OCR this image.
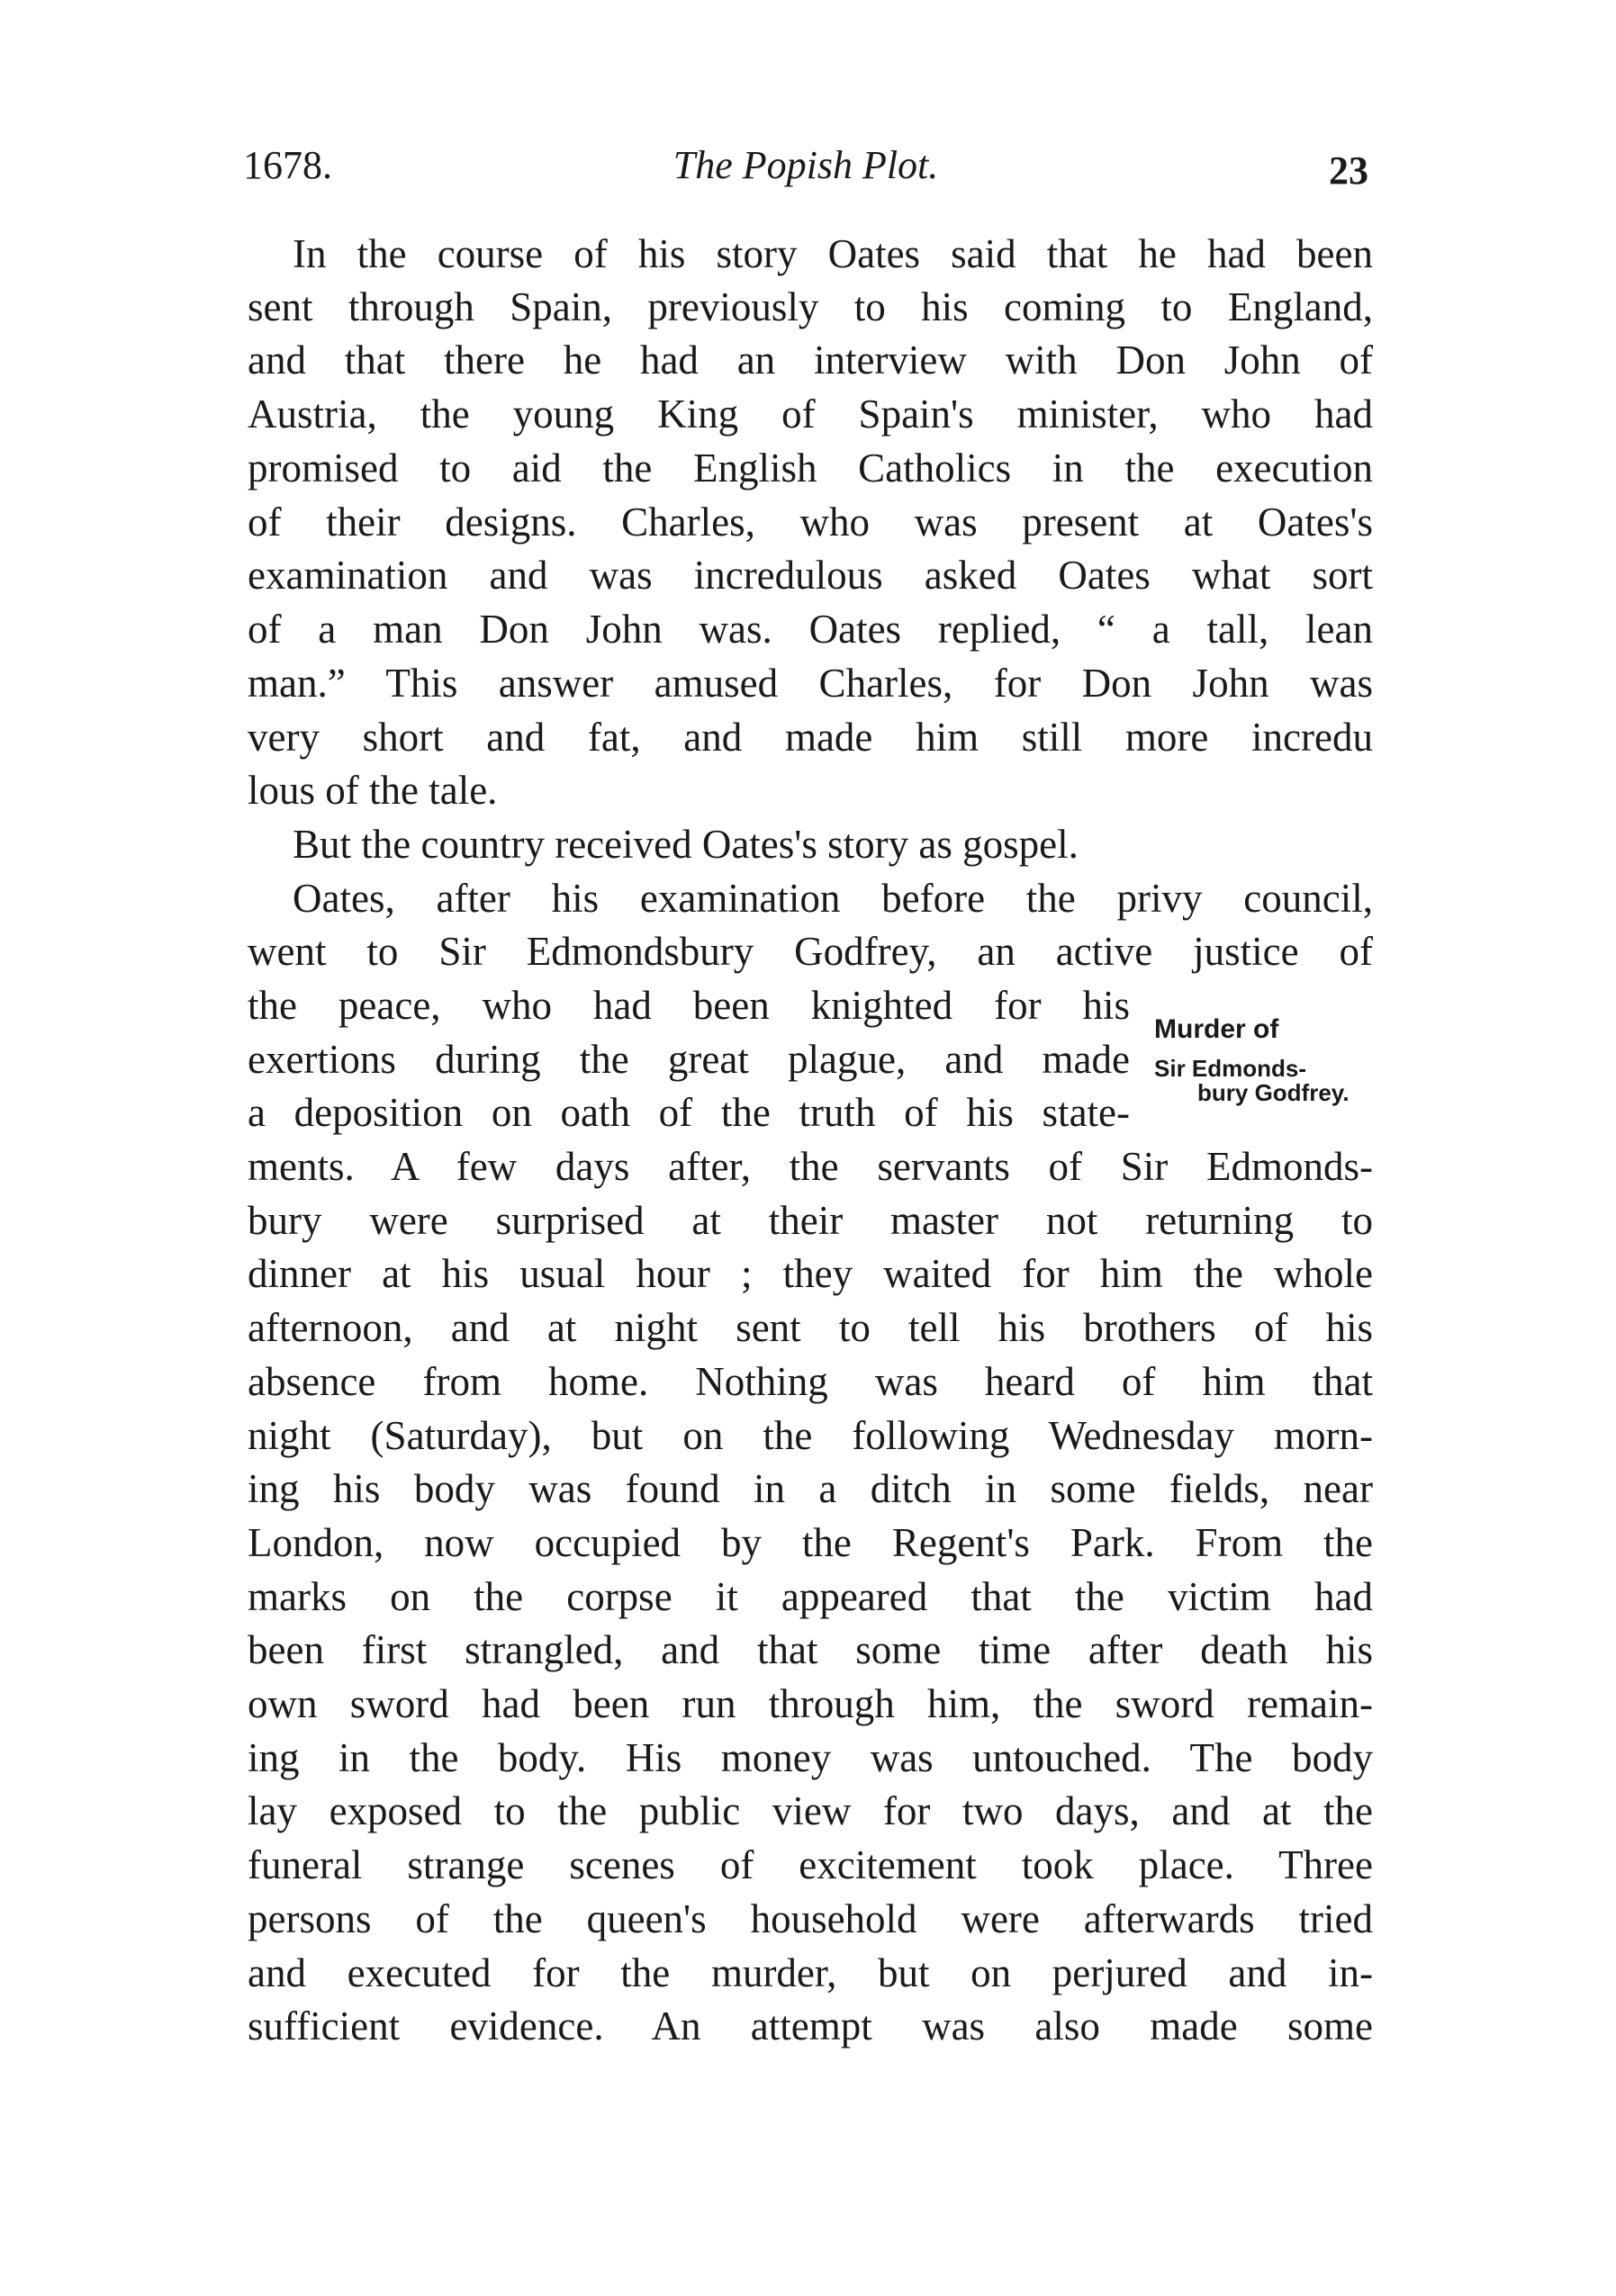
1678.	The Popish Plot.	23
In the course of his story Oates said that he had been
sent through Spain, previously to his coming to England,
and that there he had an interview with Don John of
Austria, the young King of Spain's minister, who had
promised to aid the English Catholics in the execution
of their designs. Charles, who was present at Oates's
examination and was incredulous asked Oates what sort
of a man Don John was. Oates replied, “ a tall, lean
man.” This answer amused Charles, for Don John was
very short and fat, and made him still more incredu
lous of the tale.
But the country received Oates's story as gospel.
Oates, after his examination before the privy council,
went to Sir Edmondsbury Godfrey, an active justice of
the peace, who had been knighted for his
exertions during the great plague, and made
a deposition on oath of the truth of his state-
ments. A few days after, the servants of Sir Edmonds-
bury were surprised at their master not returning to
dinner at his usual hour ; they waited for him the whole
afternoon, and at night sent to tell his brothers of his
absence from home. Nothing was heard of him that
night (Saturday), but on the following Wednesday morn-
ing his body was found in a ditch in some fields, near
London, now occupied by the Regent's Park. From the
marks on the corpse it appeared that the victim had
been first strangled, and that some time after death his
own sword had been run through him, the sword remain-
ing in the body. His money was untouched. The body
lay exposed to the public view for two days, and at the
funeral strange scenes of excitement took place. Three
persons of the queen's household were afterwards tried
and executed for the murder, but on perjured and in-
sufficient evidence. An attempt was also made some
Murder of
Sir Edmonds-
bury Godfrey.
